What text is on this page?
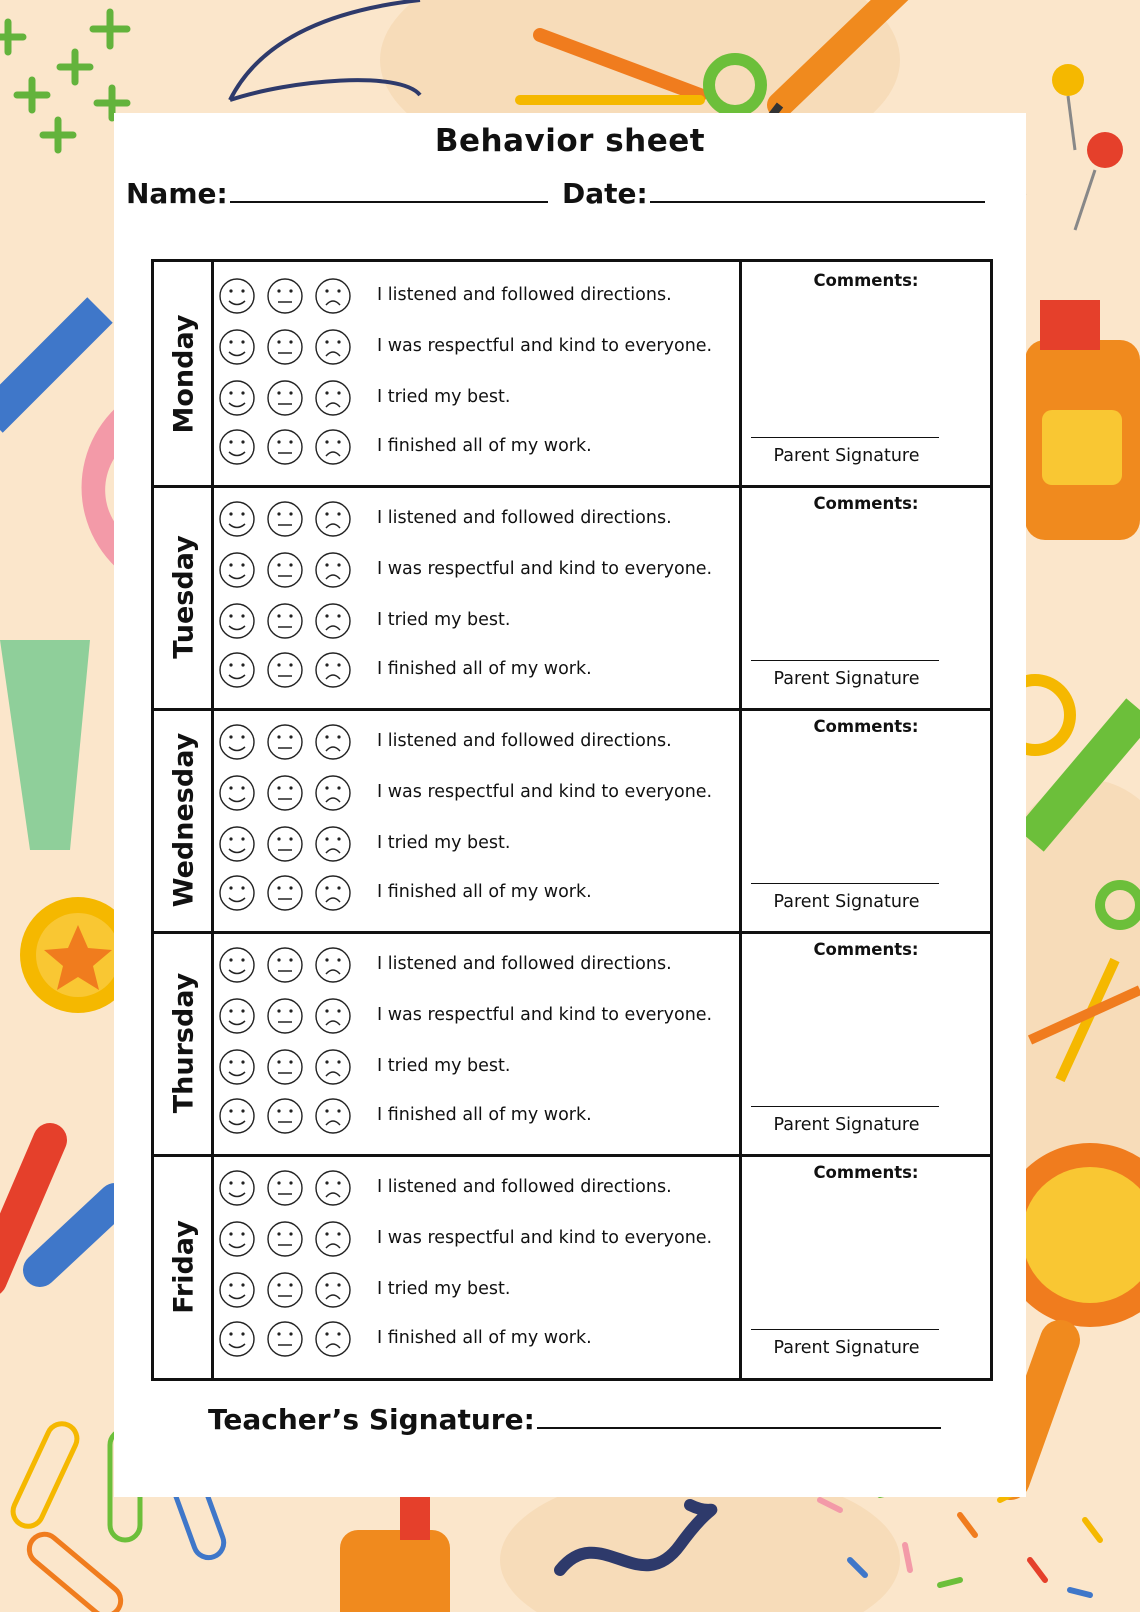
Behavior sheet
Name:	Date:
Monday
I listened and followed directions.
I was respectful and kind to everyone.
I tried my best.
I finished all of my work.
Comments:
Parent Signature
Tuesday
I listened and followed directions.
I was respectful and kind to everyone.
I tried my best.
I finished all of my work.
Comments:
Parent Signature
Wednesday	I listened and followed directions.
I was respectful and kind to everyone.
I tried my best.
I finished all of my work.
Comments:
Parent Signature
Thursday
I listened and followed directions.
I was respectful and kind to everyone.
I tried my best.
I finished all of my work.
Comments:
Parent Signature
Friday
I listened and followed directions.
I was respectful and kind to everyone.
I tried my best.
I finished all of my work.
Comments:
Parent Signature
Teacher’s Signature:
